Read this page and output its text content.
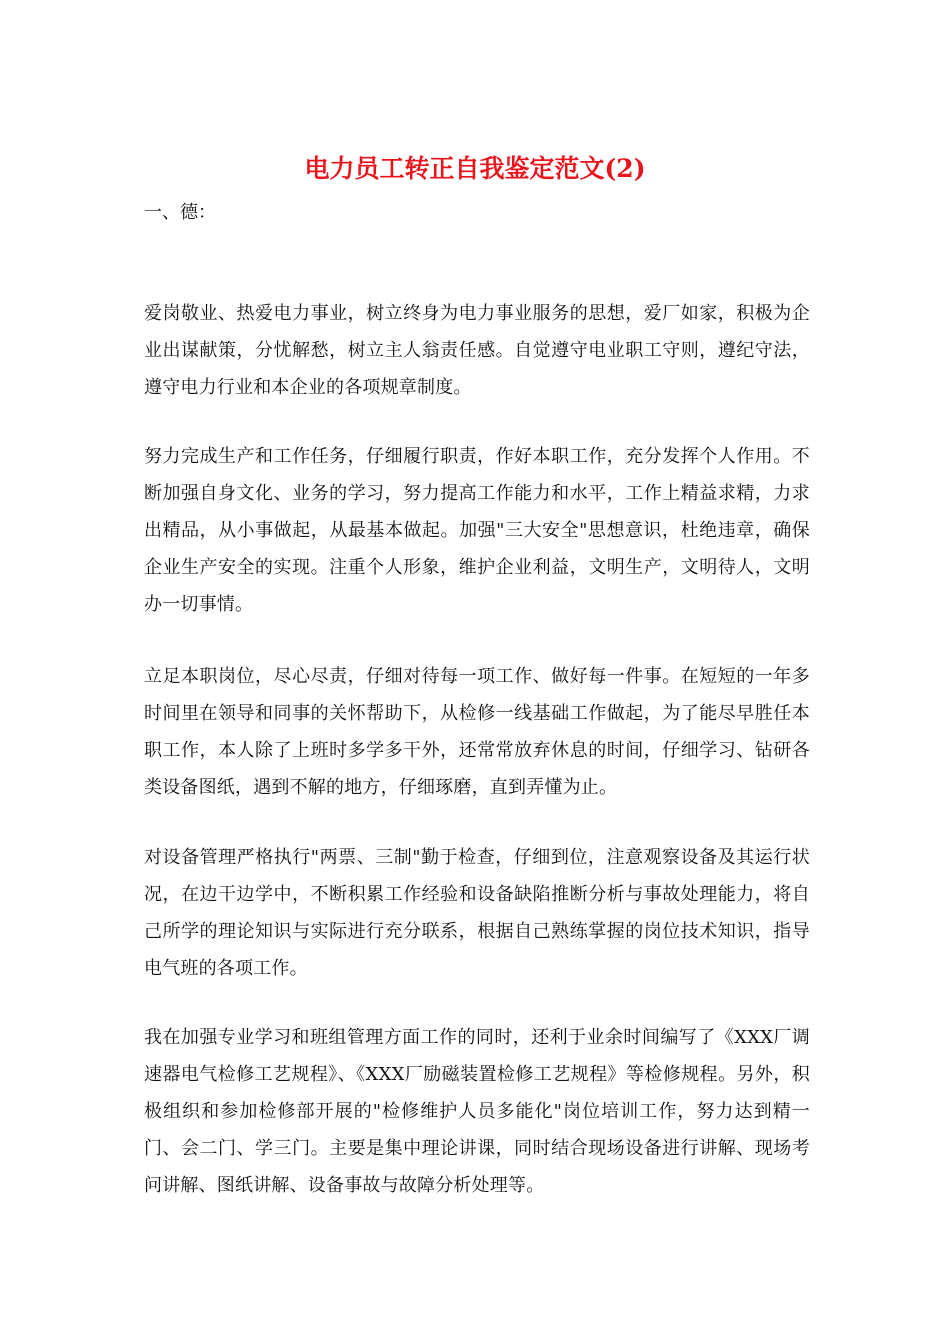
电力员工转正自我鉴定范文(2)

一、德：

爱岗敬业、热爱电力事业，树立终身为电力事业服务的思想，爱厂如家，积极为企业出谋献策，分忧解愁，树立主人翁责任感。自觉遵守电业职工守则，遵纪守法，遵守电力行业和本企业的各项规章制度。

努力完成生产和工作任务，仔细履行职责，作好本职工作，充分发挥个人作用。不断加强自身文化、业务的学习，努力提高工作能力和水平，工作上精益求精，力求出精品，从小事做起，从最基本做起。加强"三大安全"思想意识，杜绝违章，确保企业生产安全的实现。注重个人形象，维护企业利益，文明生产，文明待人，文明办一切事情。

立足本职岗位，尽心尽责，仔细对待每一项工作、做好每一件事。在短短的一年多时间里在领导和同事的关怀帮助下，从检修一线基础工作做起，为了能尽早胜任本职工作，本人除了上班时多学多干外，还常常放弃休息的时间，仔细学习、钻研各类设备图纸，遇到不解的地方，仔细琢磨，直到弄懂为止。

对设备管理严格执行"两票、三制"勤于检查，仔细到位，注意观察设备及其运行状况，在边干边学中，不断积累工作经验和设备缺陷推断分析与事故处理能力，将自己所学的理论知识与实际进行充分联系，根据自己熟练掌握的岗位技术知识，指导电气班的各项工作。

我在加强专业学习和班组管理方面工作的同时，还利于业余时间编写了《XXX厂调速器电气检修工艺规程》、《XXX厂励磁装置检修工艺规程》等检修规程。另外，积极组织和参加检修部开展的"检修维护人员多能化"岗位培训工作，努力达到精一门、会二门、学三门。主要是集中理论讲课，同时结合现场设备进行讲解、现场考问讲解、图纸讲解、设备事故与故障分析处理等。
